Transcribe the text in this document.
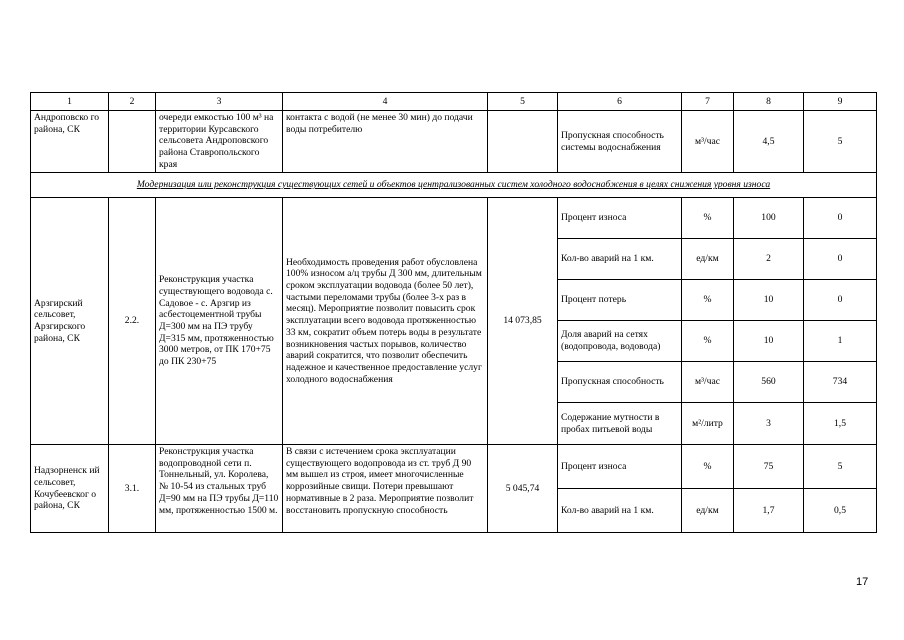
1	2	3	4	5	6	7	8	9
Андроповско го района, СК		очереди емкостью 100 м³ на территории Курсавского сельсовета Андроповского района Ставропольского края	контакта с водой (не менее 30 мин) до подачи воды потребителю		Пропускная способность системы водоснабжения	м³/час	4,5	5
Модернизация или реконструкция существующих сетей и объектов централизованных систем холодного водоснабжения в целях снижения уровня износа								
Арзгирский сельсовет, Арзгирского района, СК	2.2.	Реконструкция участка существующего водовода с. Садовое - с. Арзгир из асбестоцементной трубы Д=300 мм на ПЭ трубу Д=315 мм, протяженностью 3000 метров, от ПК 170+75 до ПК 230+75	Необходимость проведения работ обусловлена 100% износом а/ц трубы Д 300 мм, длительным сроком эксплуатации водовода (более 50 лет), частыми переломами трубы (более 3-х раз в месяц). Мероприятие позволит повысить срок эксплуатации всего водовода протяженностью 33 км, сократит объем потерь воды в результате возникновения частых порывов, количество аварий сократится, что позволит обеспечить надежное и качественное предоставление услуг холодного водоснабжения	14 073,85	Процент износа	%	100	0
					Кол-во аварий на 1 км.	ед/км	2	0
					Процент потерь	%	10	0
					Доля аварий на сетях (водопровода, водовода)	%	10	1
					Пропускная способность	м³/час	560	734
					Содержание мутности в пробах питьевой воды	м²/литр	3	1,5
Надзорненск ий сельсовет, Кочубеевског о района, СК	3.1.	Реконструкция участка водопроводной сети п. Тоннельный, ул. Королева, № 10-54 из стальных труб Д=90 мм на ПЭ трубы Д=110 мм, протяженностью 1500 м.	В связи с истечением срока эксплуатации существующего водопровода из ст. труб Д 90 мм вышел из строя, имеет многочисленные коррозийные свищи. Потери превышают нормативные в 2 раза. Мероприятие позволит восстановить пропускную способность	5 045,74	Процент износа	%	75	5
					Кол-во аварий на 1 км.	ед/км	1,7	0,5
17
